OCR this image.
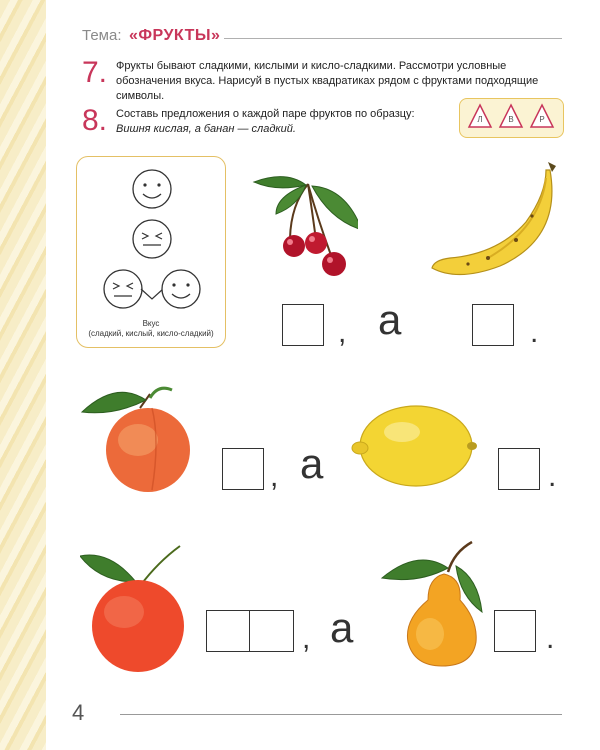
Тема: «ФРУКТЫ»
7. Фрукты бывают сладкими, кислыми и кисло-сладкими. Рассмотри условные обозначения вкуса. Нарисуй в пустых квадратиках рядом с фруктами подходящие символы.
8. Составь предложения о каждой паре фруктов по образцу:
Вишня кислая, а банан — сладкий.
Л	В	Р
Вкус
(сладкий, кислый, кисло-сладкий)	, а	.
, а	.
, а	.
4
